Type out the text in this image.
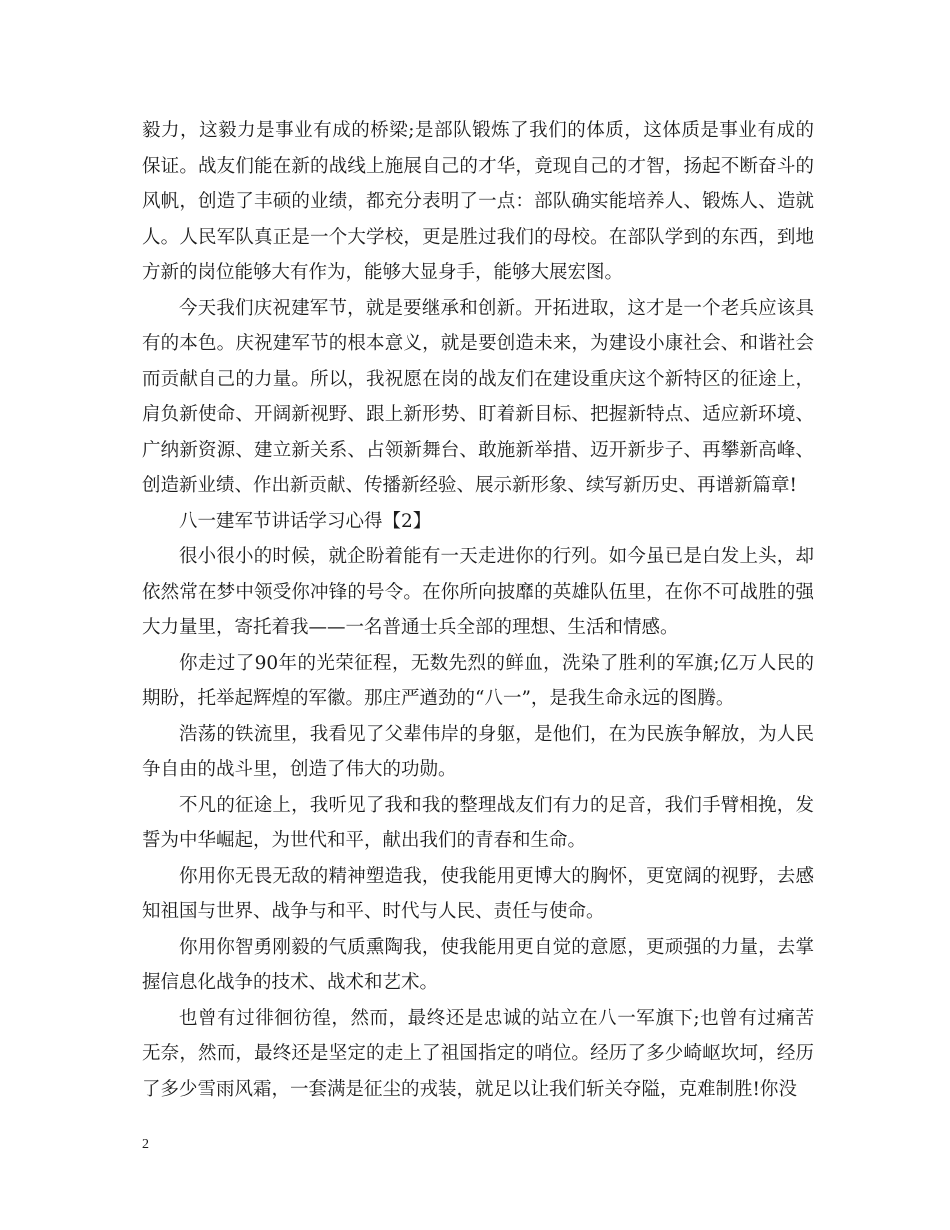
毅力，这毅力是事业有成的桥梁;是部队锻炼了我们的体质，这体质是事业有成的保证。战友们能在新的战线上施展自己的才华，竟现自己的才智，扬起不断奋斗的风帆，创造了丰硕的业绩，都充分表明了一点：部队确实能培养人、锻炼人、造就人。人民军队真正是一个大学校，更是胜过我们的母校。在部队学到的东西，到地方新的岗位能够大有作为，能够大显身手，能够大展宏图。

今天我们庆祝建军节，就是要继承和创新。开拓进取，这才是一个老兵应该具有的本色。庆祝建军节的根本意义，就是要创造未来，为建设小康社会、和谐社会而贡献自己的力量。所以，我祝愿在岗的战友们在建设重庆这个新特区的征途上，肩负新使命、开阔新视野、跟上新形势、盯着新目标、把握新特点、适应新环境、广纳新资源、建立新关系、占领新舞台、敢施新举措、迈开新步子、再攀新高峰、创造新业绩、作出新贡献、传播新经验、展示新形象、续写新历史、再谱新篇章!

八一建军节讲话学习心得【2】

很小很小的时候，就企盼着能有一天走进你的行列。如今虽已是白发上头，却依然常在梦中领受你冲锋的号令。在你所向披靡的英雄队伍里，在你不可战胜的强大力量里，寄托着我——一名普通士兵全部的理想、生活和情感。

你走过了90年的光荣征程，无数先烈的鲜血，洗染了胜利的军旗;亿万人民的期盼，托举起辉煌的军徽。那庄严遒劲的“八一”，是我生命永远的图腾。

浩荡的铁流里，我看见了父辈伟岸的身躯，是他们，在为民族争解放，为人民争自由的战斗里，创造了伟大的功勋。

不凡的征途上，我听见了我和我的整理战友们有力的足音，我们手臂相挽，发誓为中华崛起，为世代和平，献出我们的青春和生命。

你用你无畏无敌的精神塑造我，使我能用更博大的胸怀，更宽阔的视野，去感知祖国与世界、战争与和平、时代与人民、责任与使命。

你用你智勇刚毅的气质熏陶我，使我能用更自觉的意愿，更顽强的力量，去掌握信息化战争的技术、战术和艺术。

也曾有过徘徊彷徨，然而，最终还是忠诚的站立在八一军旗下;也曾有过痛苦无奈，然而，最终还是坚定的走上了祖国指定的哨位。经历了多少崎岖坎坷，经历了多少雪雨风霜，一套满是征尘的戎装，就足以让我们斩关夺隘，克难制胜!你没

2
